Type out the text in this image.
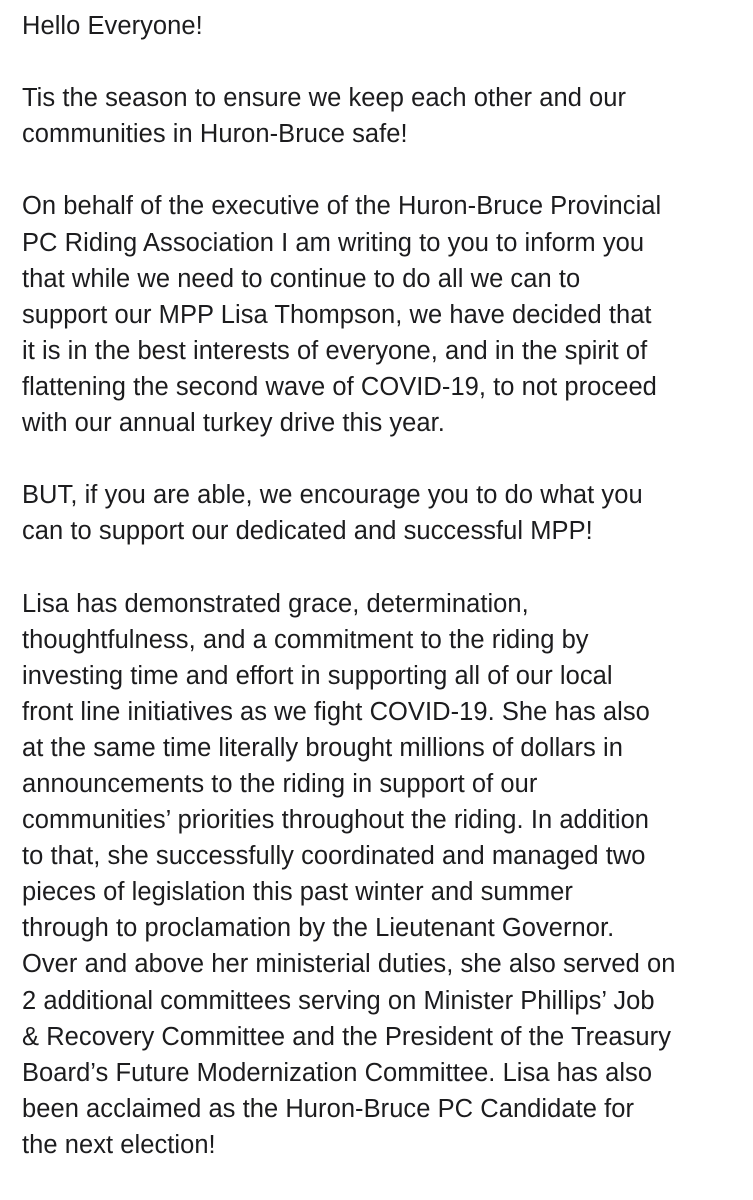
Hello Everyone!
Tis the season to ensure we keep each other and our
communities in Huron-Bruce safe!
On behalf of the executive of the Huron-Bruce Provincial
PC Riding Association I am writing to you to inform you
that while we need to continue to do all we can to
support our MPP Lisa Thompson, we have decided that
it is in the best interests of everyone, and in the spirit of
flattening the second wave of COVID-19, to not proceed
with our annual turkey drive this year.
BUT, if you are able, we encourage you to do what you
can to support our dedicated and successful MPP!
Lisa has demonstrated grace, determination,
thoughtfulness, and a commitment to the riding by
investing time and effort in supporting all of our local
front line initiatives as we fight COVID-19. She has also
at the same time literally brought millions of dollars in
announcements to the riding in support of our
communities’ priorities throughout the riding. In addition
to that, she successfully coordinated and managed two
pieces of legislation this past winter and summer
through to proclamation by the Lieutenant Governor.
Over and above her ministerial duties, she also served on
2 additional committees serving on Minister Phillips’ Job
& Recovery Committee and the President of the Treasury
Board’s Future Modernization Committee. Lisa has also
been acclaimed as the Huron-Bruce PC Candidate for
the next election!
